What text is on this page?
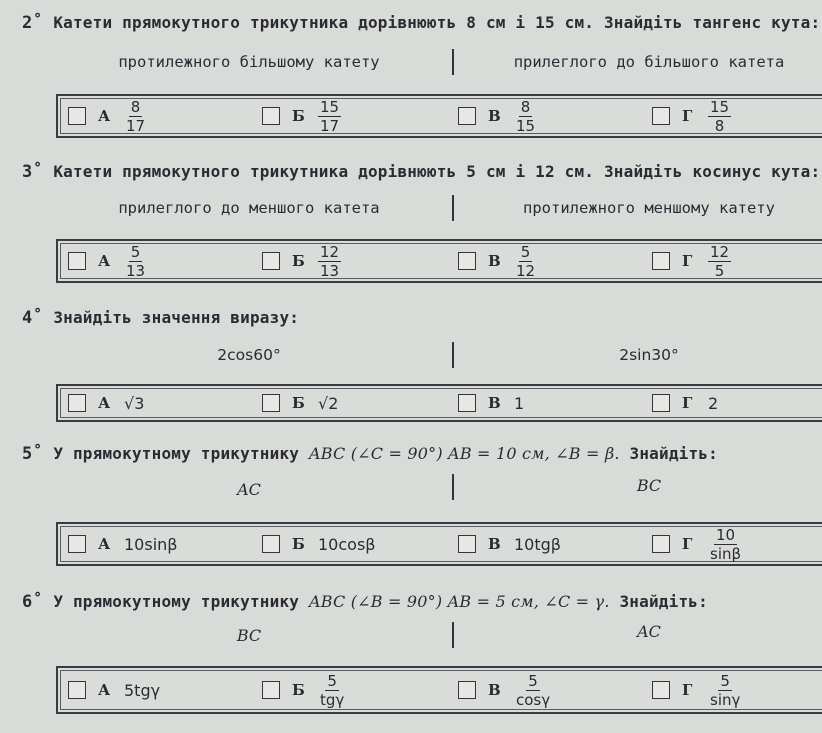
2˚ Катети прямокутного трикутника дорівнюють 8 см і 15 см. Знайдіть тангенс кута:
протилежного більшому катету	прилеглого до більшого катета
А $\frac{8}{17}$	Б $\frac{15}{17}$	В $\frac{8}{15}$	Г	$\frac{15}{8}$
3˚ Катети прямокутного трикутника дорівнюють 5 см і 12 см. Знайдіть косинус кута:
прилеглого до меншого катета	протилежного меншому катету
А $\frac{5}{13}$	Б $\frac{12}{13}$	В $\frac{5}{12}$	Г	$\frac{12}{5}$
4˚ Знайдіть значення виразу:
2cos60°	2sin30°
А √3	Б √2	В 1	Г 2
5˚ У прямокутному трикутнику ABC (∠C = 90°) AB = 10 см, ∠B = β. Знайдіть:
AC	BC
А 10sinβ	Б 10cosβ	В 10tgβ	Г	$\frac{10}{\sin\beta}$
6˚ У прямокутному трикутнику ABC (∠B = 90°) AB = 5 см, ∠C = γ. Знайдіть:
BC	AC
А 5tgγ	Б $\frac{5}{\text{tgγ}}$	В $\frac{5}{\cos\gamma}$	Г	$\frac{5}{\sin\gamma}$
